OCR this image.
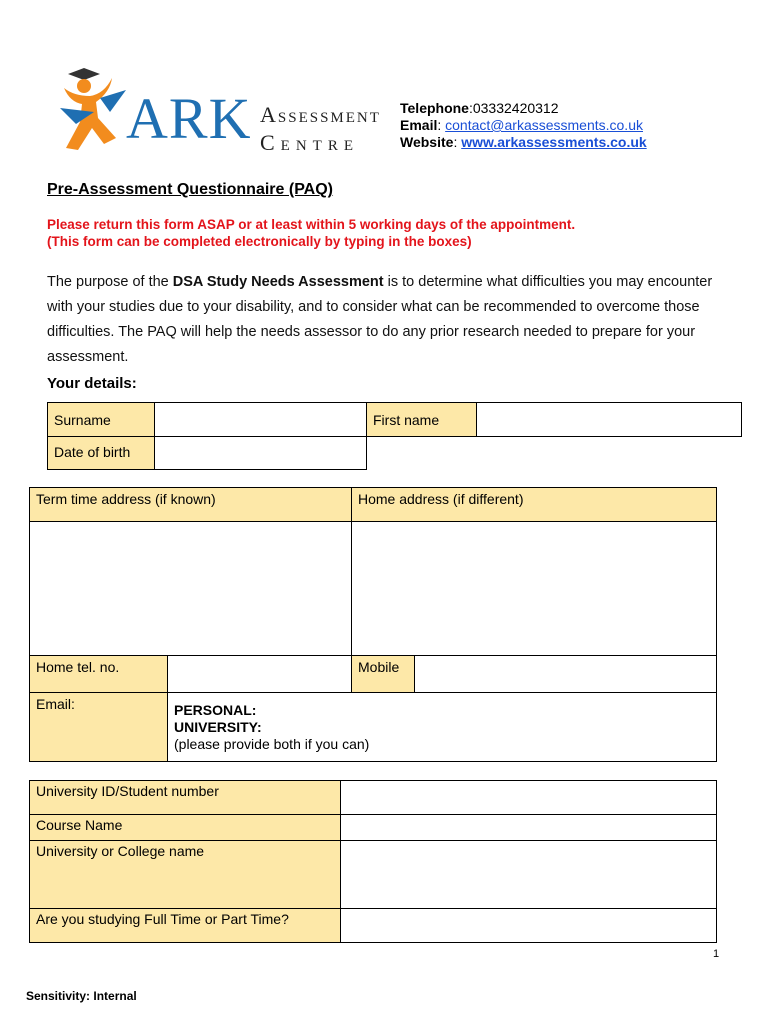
ARK Assessment
Centre
Telephone:03332420312
Email: contact@arkassessments.co.uk
Website: www.arkassessments.co.uk
Pre-Assessment Questionnaire (PAQ)
Please return this form ASAP or at least within 5 working days of the appointment.
(This form can be completed electronically by typing in the boxes)
The purpose of the DSA Study Needs Assessment is to determine what difficulties you may encounter with your studies due to your disability, and to consider what can be recommended to overcome those difficulties. The PAQ will help the needs assessor to do any prior research needed to prepare for your assessment.
Your details:
Surname		First name	

Date of birth			

Term time address (if known)		Home address (if different)	

Home tel. no.		Mobile	

Email:	PERSONAL:
UNIVERSITY:
(please provide both if you can)		
University ID/Student number	

Course Name	

University or College name	

Are you studying Full Time or Part Time?	

1
Sensitivity: Internal
